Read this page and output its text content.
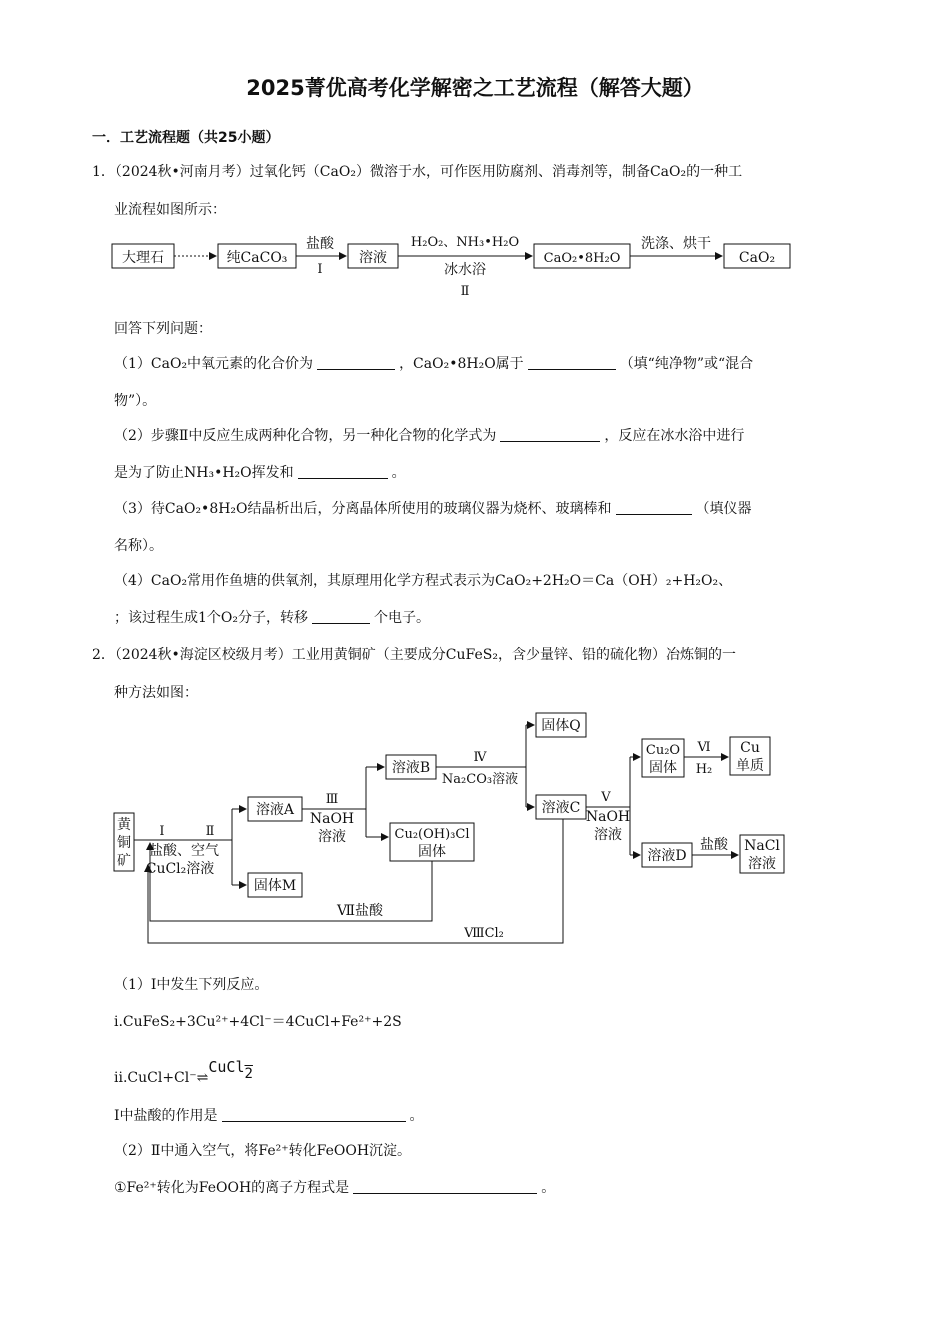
2025菁优高考化学解密之工艺流程（解答大题）
一．工艺流程题（共25小题）
1．（2024秋•河南月考）过氧化钙（CaO₂）微溶于水，可作医用防腐剂、消毒剂等，制备CaO₂的一种工
业流程如图所示：
大理石	纯CaCO₃
盐酸
Ⅰ
溶液
H₂O₂、NH₃•H₂O
冰水浴
Ⅱ
CaO₂•8H₂O
洗涤、烘干
CaO₂
回答下列问题：
（1）CaO₂中氧元素的化合价为	，CaO₂•8H₂O属于	（填“纯净物”或“混合
物”）。
（2）步骤Ⅱ中反应生成两种化合物，另一种化合物的化学式为	，反应在冰水浴中进行
是为了防止NH₃•H₂O挥发和	。
（3）待CaO₂•8H₂O结晶析出后，分离晶体所使用的玻璃仪器为烧杯、玻璃棒和	（填仪器
名称）。
（4）CaO₂常用作鱼塘的供氧剂，其原理用化学方程式表示为CaO₂+2H₂O＝Ca（OH）₂+H₂O₂、
；该过程生成1个O₂分子，转移	个电子。
2．（2024秋•海淀区校级月考）工业用黄铜矿（主要成分CuFeS₂，含少量锌、铅的硫化物）冶炼铜的一
种方法如图：
黄
铜
矿
Ⅰ	Ⅱ
盐酸、空气
CuCl₂溶液
溶液A
固体M
Ⅲ
NaOH
溶液
溶液B
Cu₂(OH)₃Cl
固体
Ⅳ
Na₂CO₃溶液
固体Q
溶液C
Ⅴ
NaOH
溶液
Cu₂O
固体
Ⅵ
H₂
Cu
单质
溶液D
盐酸 NaCl
溶液
Ⅶ盐酸
ⅧCl₂
（1）Ⅰ中发生下列反应。
i.CuFeS₂+3Cu²⁺+4Cl⁻＝4CuCl+Fe²⁺+2S
ii.CuCl+Cl⁻⇌CuCl2
Ⅰ中盐酸的作用是	。
（2）Ⅱ中通入空气，将Fe²⁺转化FeOOH沉淀。
①Fe²⁺转化为FeOOH的离子方程式是	。
